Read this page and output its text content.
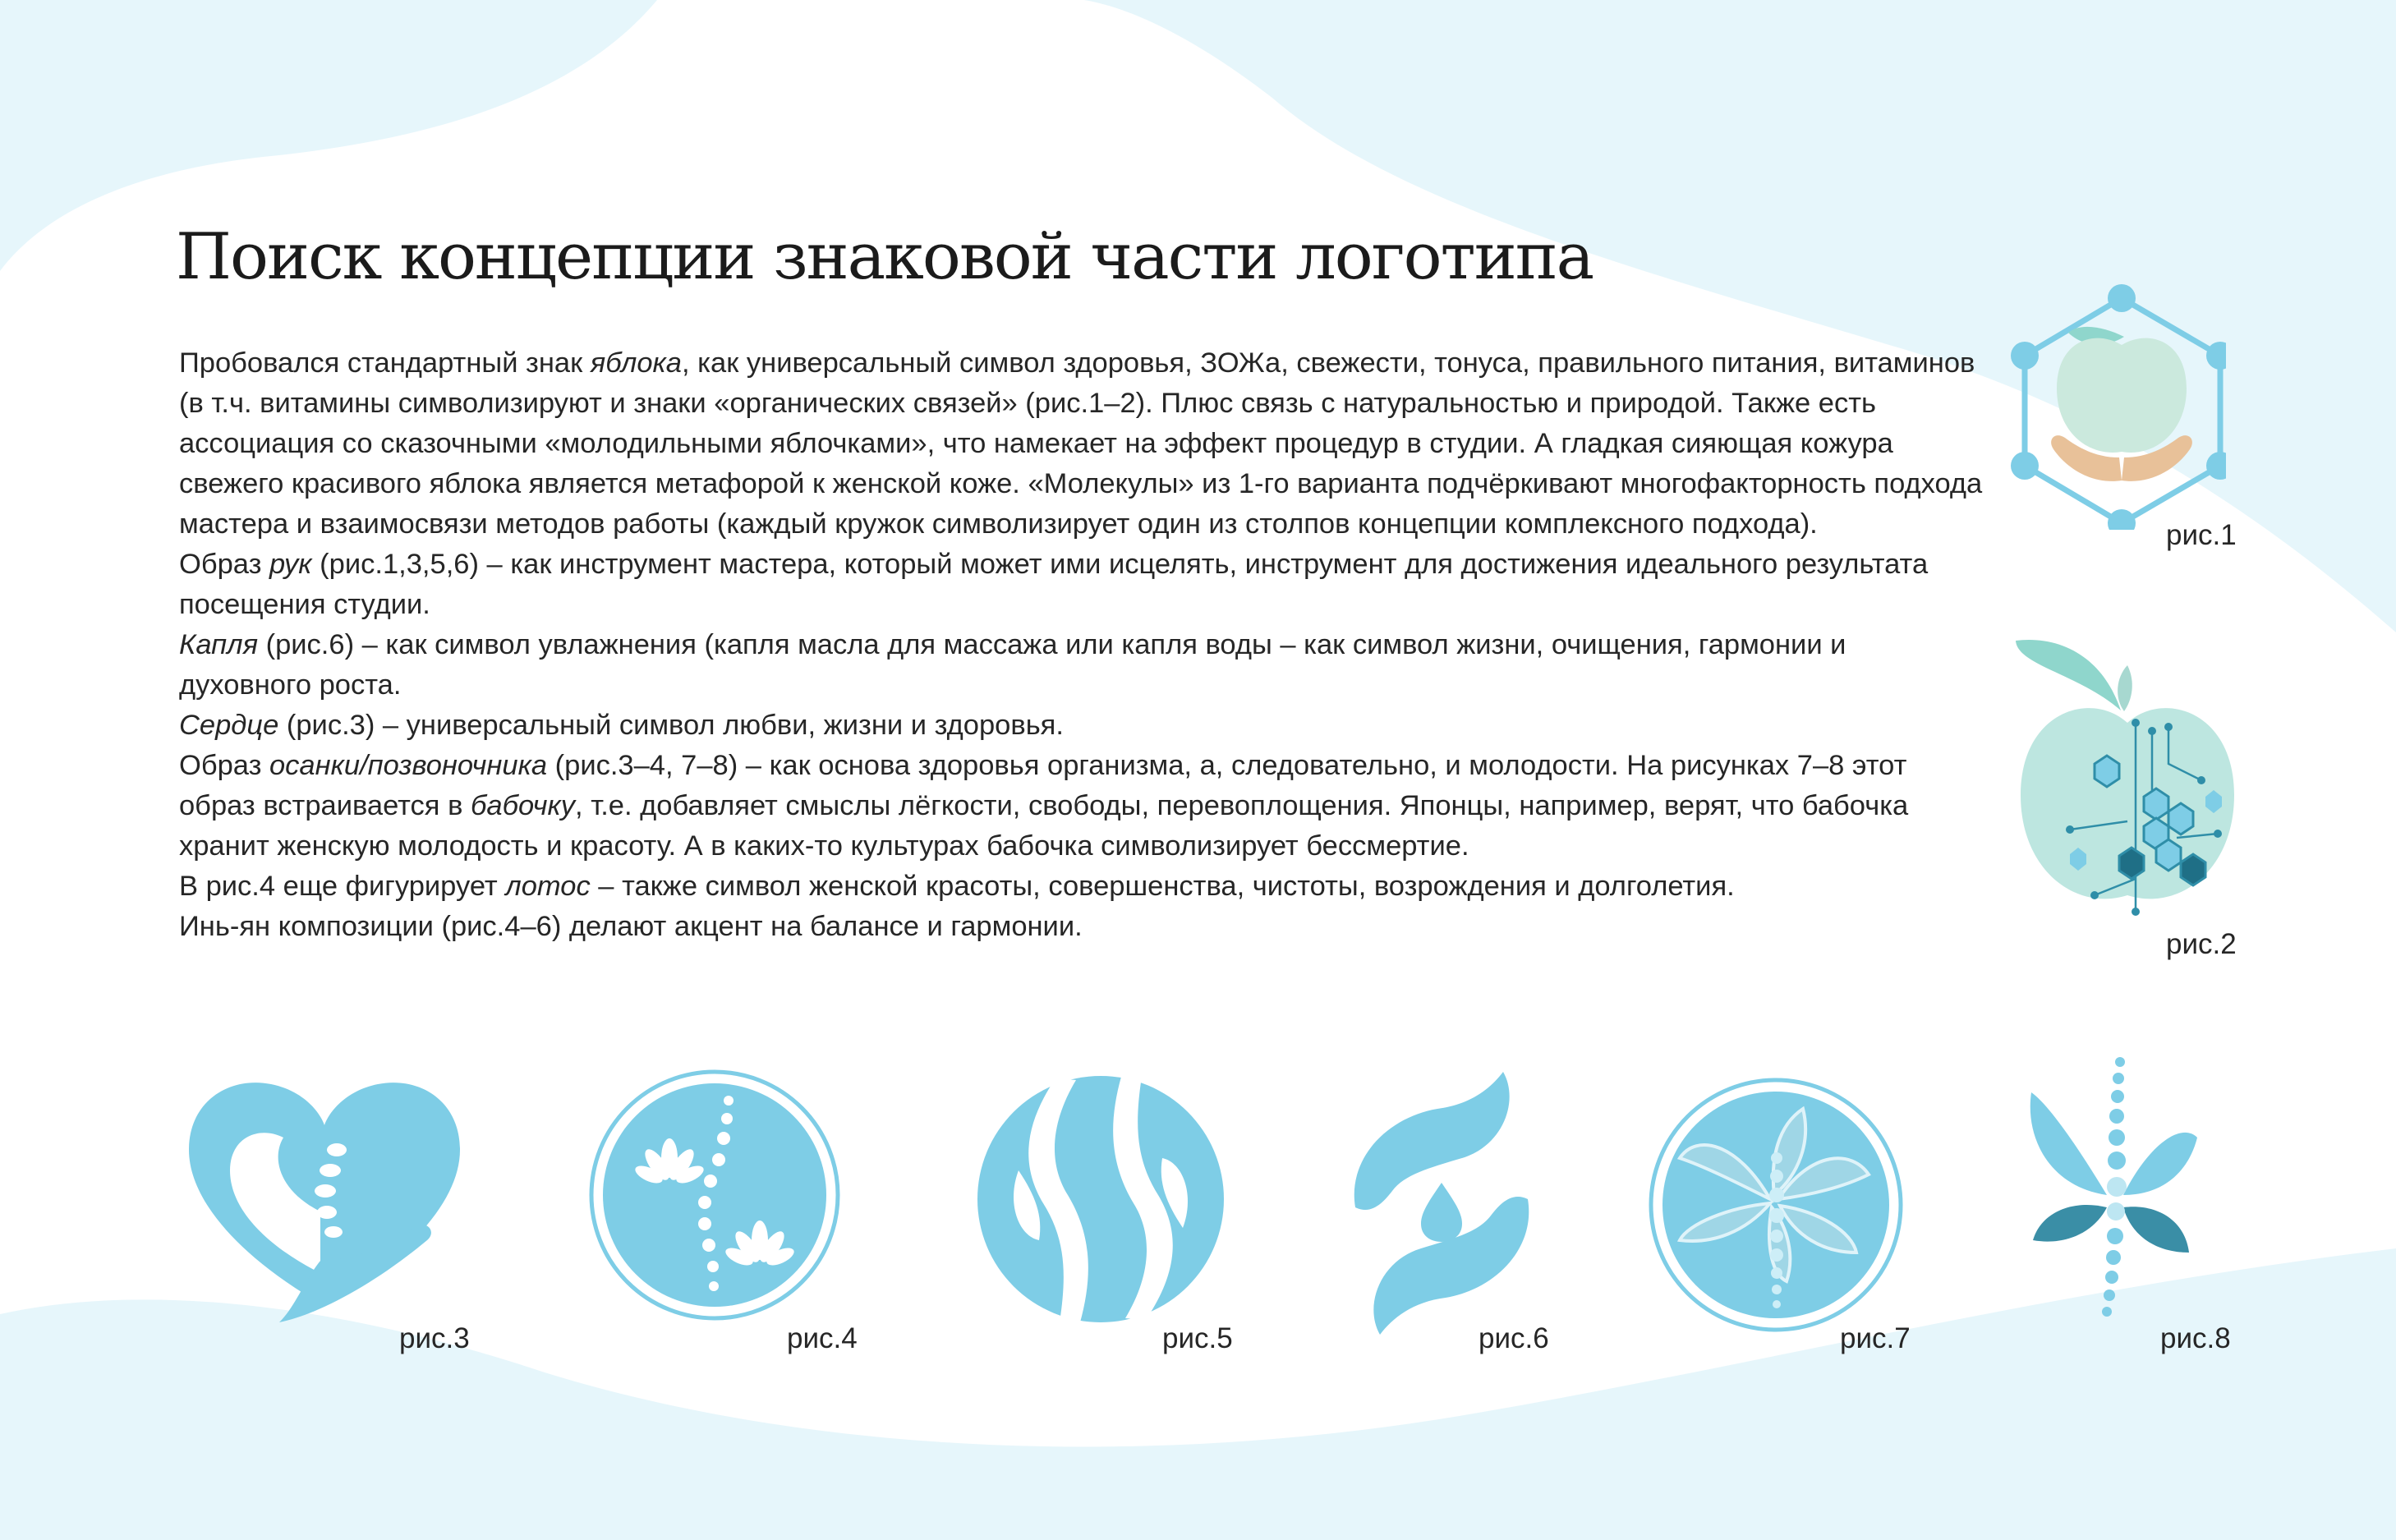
Поиск концепции знаковой части логотипа

Пробовался стандартный знак яблока, как универсальный символ здоровья, ЗОЖа, свежести, тонуса, правильного питания, витаминов (в т.ч. витамины символизируют и знаки «органических связей» (рис.1–2). Плюс связь с натуральностью и природой. Также есть ассоциация со сказочными «молодильными яблочками», что намекает на эффект процедур в студии. А гладкая сияющая кожура свежего красивого яблока является метафорой к женской коже. «Молекулы» из 1-го варианта подчёркивают многофакторность подхода мастера и взаимосвязи методов работы (каждый кружок символизирует один из столпов концепции комплексного подхода).

Образ рук (рис.1,3,5,6) – как инструмент мастера, который может ими исцелять, инструмент для достижения идеального результата посещения студии.

Капля (рис.6) – как символ увлажнения (капля масла для массажа или капля воды – как символ жизни, очищения, гармонии и духовного роста.

Сердце (рис.3) – универсальный символ любви, жизни и здоровья.

Образ осанки/позвоночника (рис.3–4, 7–8) – как основа здоровья организма, а, следовательно, и молодости. На рисунках 7–8 этот образ встраивается в бабочку, т.е. добавляет смыслы лёгкости, свободы, перевоплощения. Японцы, например, верят, что бабочка хранит женскую молодость и красоту. А в каких-то культурах бабочка символизирует бессмертие.

В рис.4 еще фигурирует лотос – также символ женской красоты, совершенства, чистоты, возрождения и долголетия.

Инь-ян композиции (рис.4–6) делают акцент на балансе и гармонии.

рис.1
рис.2
рис.3	рис.4	рис.5	рис.6	рис.7	рис.8
